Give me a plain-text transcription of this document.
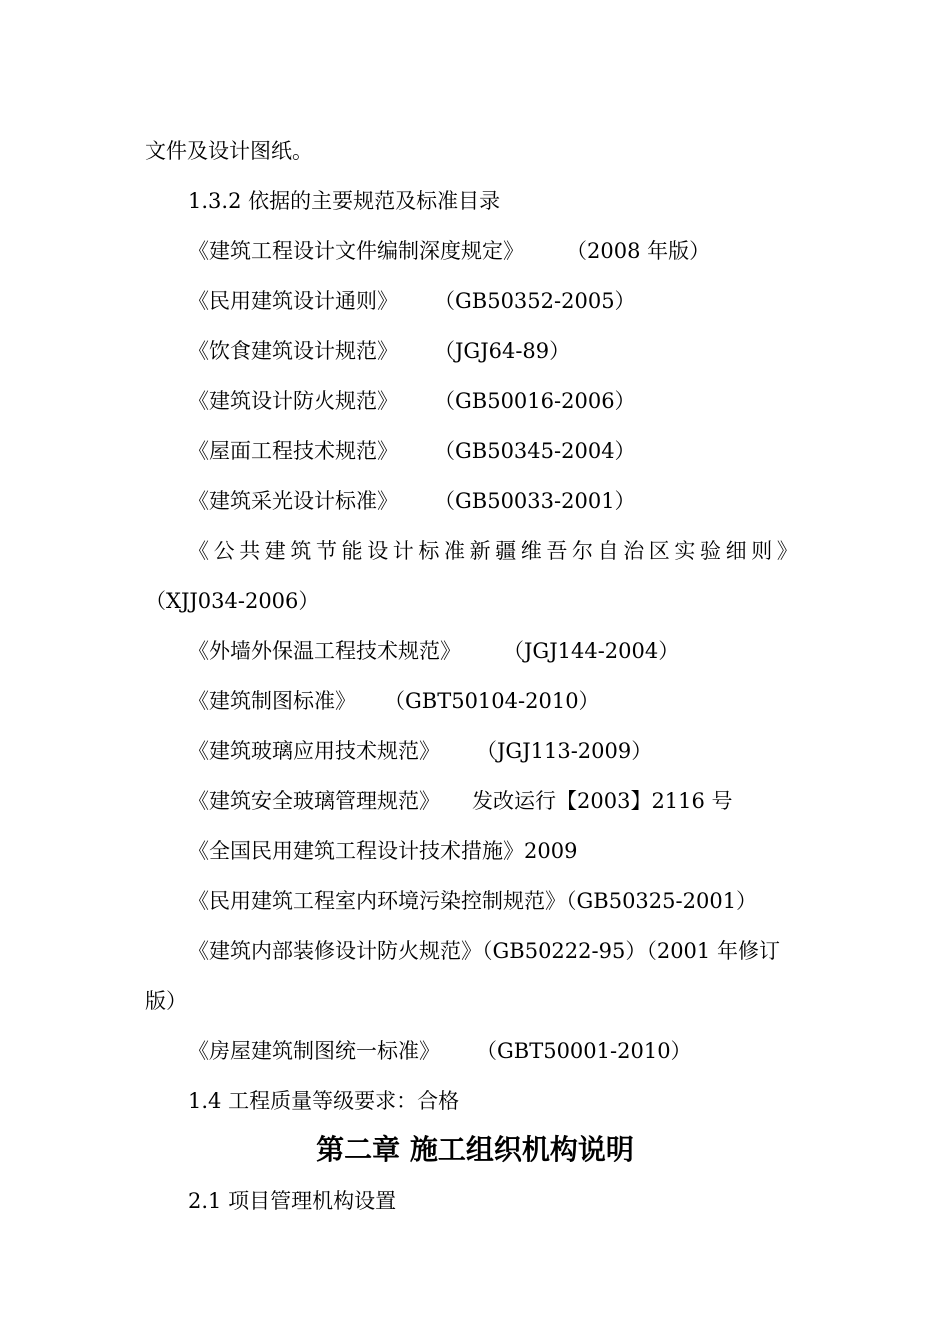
文件及设计图纸。
1.3.2 依据的主要规范及标准目录
《建筑工程设计文件编制深度规定》 （2008 年版）
《民用建筑设计通则》 （GB50352-2005）
《饮食建筑设计规范》 （JGJ64-89）
《建筑设计防火规范》 （GB50016-2006）
《屋面工程技术规范》 （GB50345-2004）
《建筑采光设计标准》 （GB50033-2001）
《公共建筑节能设计标准新疆维吾尔自治区实验细则》
（XJJ034-2006）
《外墙外保温工程技术规范》 （JGJ144-2004）
《建筑制图标准》 （GBT50104-2010）
《建筑玻璃应用技术规范》 （JGJ113-2009）
《建筑安全玻璃管理规范》 发改运行【2003】2116 号
《全国民用建筑工程设计技术措施》2009
《民用建筑工程室内环境污染控制规范》（GB50325-2001）
《建筑内部装修设计防火规范》（GB50222-95）（2001 年修订
版）
《房屋建筑制图统一标准》 （GBT50001-2010）
1.4 工程质量等级要求：合格
第二章 施工组织机构说明
2.1 项目管理机构设置
